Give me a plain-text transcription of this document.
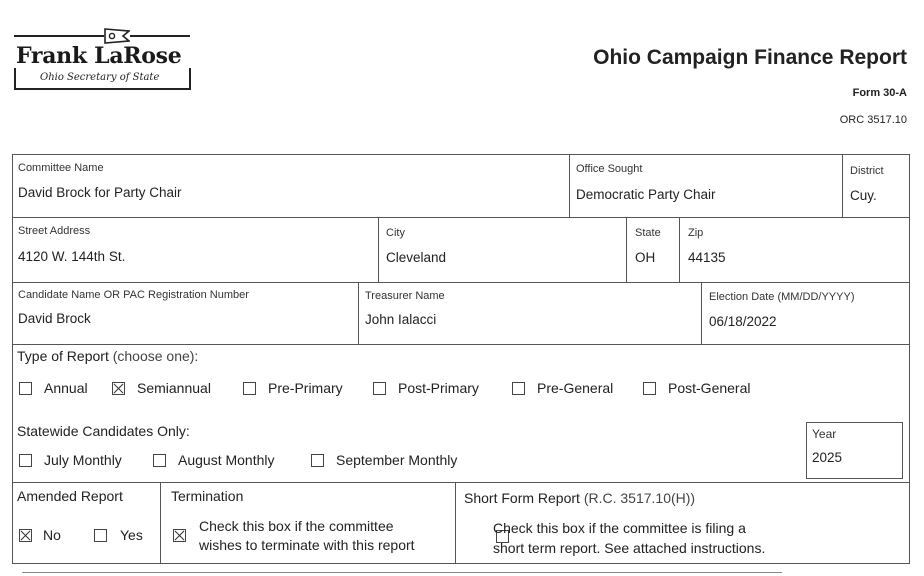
Frank LaRose
Ohio Secretary of State
Ohio Campaign Finance Report
Form 30-A
ORC 3517.10
Committee Name
David Brock for Party Chair
Office Sought
Democratic Party Chair
District
Cuy.
Street Address
4120 W. 144th St.
City
Cleveland
State
OH
Zip
44135
Candidate Name OR PAC Registration Number
David Brock
Treasurer Name
John Ialacci
Election Date (MM/DD/YYYY)
06/18/2022
Type of Report (choose one):
Annual	Semiannual	Pre-Primary	Post-Primary	Pre-General	Post-General
Statewide Candidates Only:
July Monthly	August Monthly	September Monthly
Year
2025
Amended Report
No	Yes
Termination

Check this box if the committee
wishes to terminate with this report
Short Form Report (R.C. 3517.10(H))
Check this box if the committee is filing a
short term report. See attached instructions.
